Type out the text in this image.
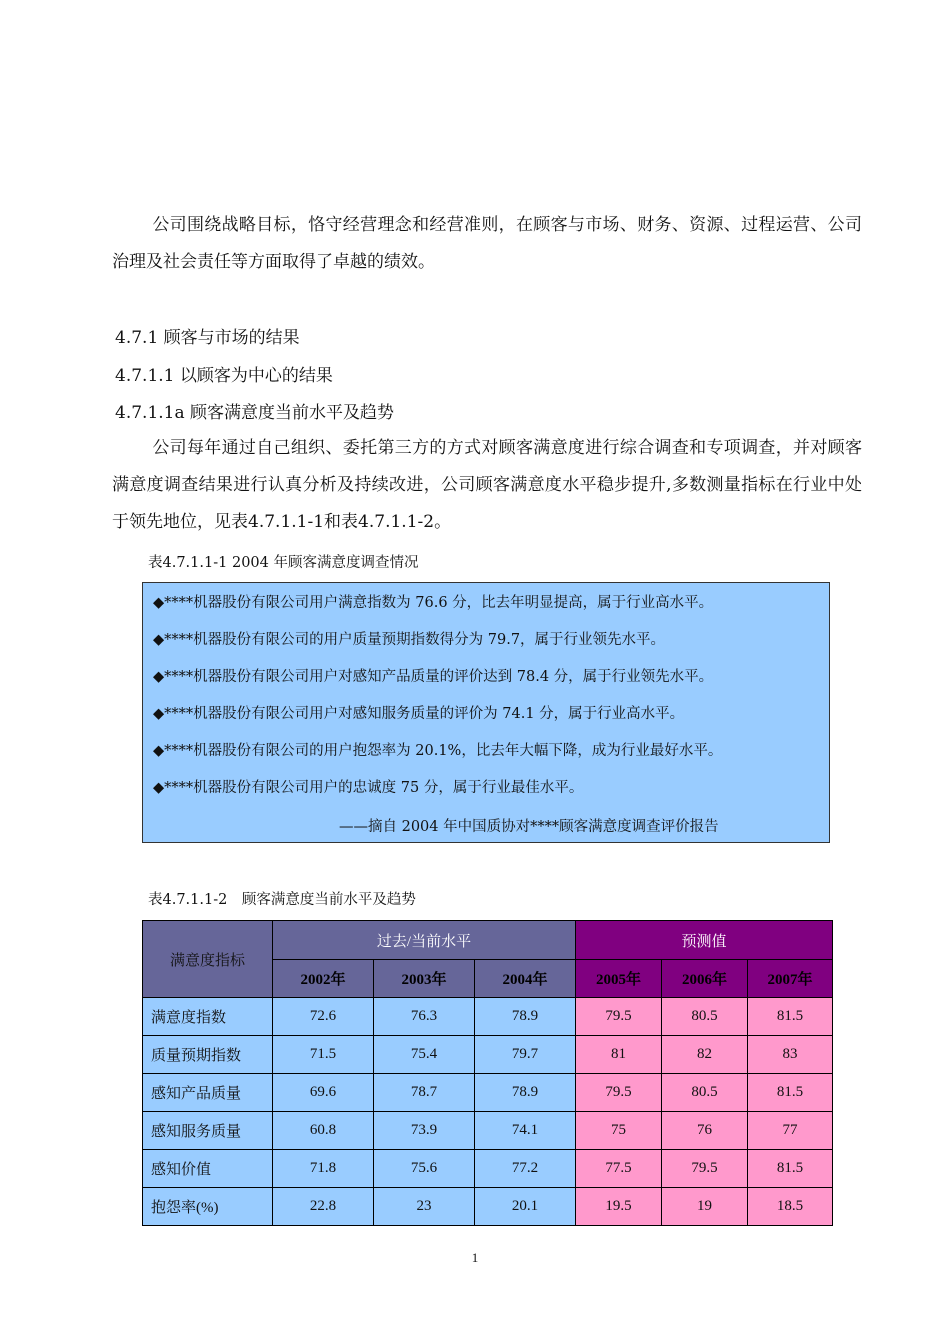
公司围绕战略目标，恪守经营理念和经营准则，在顾客与市场、财务、资源、过程运营、公司治理及社会责任等方面取得了卓越的绩效。
4.7.1 顾客与市场的结果
4.7.1.1 以顾客为中心的结果
4.7.1.1a 顾客满意度当前水平及趋势
公司每年通过自己组织、委托第三方的方式对顾客满意度进行综合调查和专项调查，并对顾客满意度调查结果进行认真分析及持续改进，公司顾客满意度水平稳步提升,多数测量指标在行业中处于领先地位，见表4.7.1.1-1和表4.7.1.1-2。
表4.7.1.1-1 2004 年顾客满意度调查情况
◆****机器股份有限公司用户满意指数为 76.6 分，比去年明显提高，属于行业高水平。
◆****机器股份有限公司的用户质量预期指数得分为 79.7，属于行业领先水平。
◆****机器股份有限公司用户对感知产品质量的评价达到 78.4 分，属于行业领先水平。
◆****机器股份有限公司用户对感知服务质量的评价为 74.1 分，属于行业高水平。
◆****机器股份有限公司的用户抱怨率为 20.1%，比去年大幅下降，成为行业最好水平。
◆****机器股份有限公司用户的忠诚度 75 分，属于行业最佳水平。
——摘自 2004 年中国质协对****顾客满意度调查评价报告
表4.7.1.1-2　顾客满意度当前水平及趋势
满意度指标	过去/当前水平			预测值		
	2002年	2003年	2004年	2005年	2006年	2007年
满意度指数	72.6	76.3	78.9	79.5	80.5	81.5
质量预期指数	71.5	75.4	79.7	81	82	83
感知产品质量	69.6	78.7	78.9	79.5	80.5	81.5
感知服务质量	60.8	73.9	74.1	75	76	77
感知价值	71.8	75.6	77.2	77.5	79.5	81.5
抱怨率(%)	22.8	23	20.1	19.5	19	18.5
1
